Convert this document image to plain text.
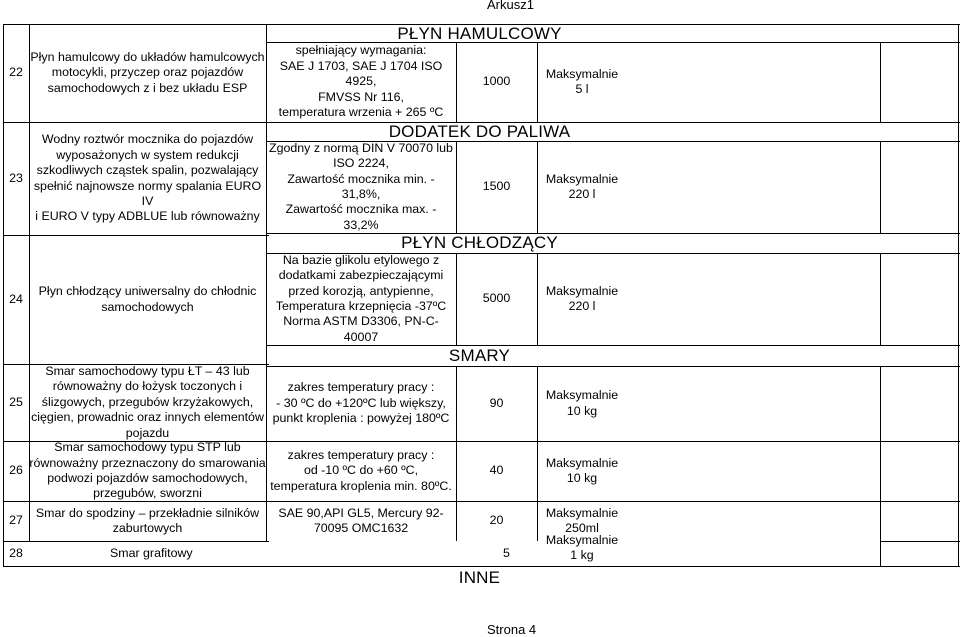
Arkusz1
PŁYN HAMULCOWY
DODATEK DO PALIWA
PŁYN CHŁODZĄCY
SMARY
INNE
22
Płyn hamulcowy do układów hamulcowych
motocykli, przyczep oraz pojazdów
samochodowych z i bez układu ESP
spełniający wymagania:
SAE J 1703, SAE J 1704 ISO
4925,
FMVSS Nr 116,
temperatura wrzenia + 265 ºC
1000
Maksymalnie
5 l
23
Wodny roztwór mocznika do pojazdów
wyposażonych w system redukcji
szkodliwych cząstek spalin, pozwalający
spełnić najnowsze normy spalania EURO IV
i EURO V typy ADBLUE lub równoważny
Zgodny z normą DIN V 70070 lub
ISO 2224,
Zawartość mocznika min. -
31,8%,
Zawartość mocznika max. -
33,2%
1500
Maksymalnie
220 l
24
Płyn chłodzący uniwersalny do chłodnic
samochodowych
Na bazie glikolu etylowego z
dodatkami zabezpieczającymi
przed korozją, antypienne,
Temperatura krzepnięcia -37ºC
Norma ASTM D3306, PN-C-
40007
5000
Maksymalnie
220 l
25
Smar samochodowy typu ŁT – 43 lub
równoważny do łożysk toczonych i
ślizgowych, przegubów krzyżakowych,
cięgien, prowadnic oraz innych elementów
pojazdu
zakres temperatury pracy :
- 30 ºC do +120ºC lub większy,
punkt kroplenia : powyżej 180ºC
90
Maksymalnie
10 kg
26
Smar samochodowy typu STP lub
równoważny przeznaczony do smarowania
podwozi pojazdów samochodowych,
przegubów, sworzni
zakres temperatury pracy :
od -10 ºC do +60 ºC,
temperatura kroplenia min. 80ºC.
40
Maksymalnie
10 kg
27
Smar do spodziny – przekładnie silników
zaburtowych
SAE 90,API GL5, Mercury 92-
70095 OMC1632
20
Maksymalnie
250ml
28	Smar grafitowy	5
Maksymalnie
1 kg
Strona 4
